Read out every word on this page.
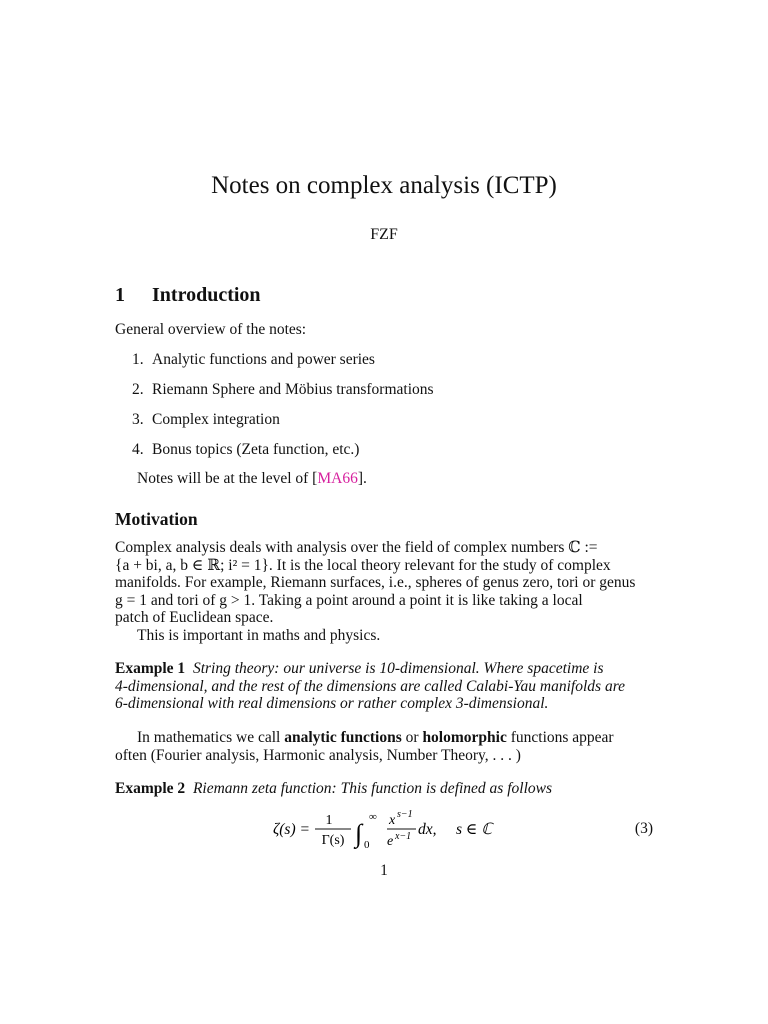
Notes on complex analysis (ICTP)
FZF
1 Introduction
General overview of the notes:
1. Analytic functions and power series
2. Riemann Sphere and Möbius transformations
3. Complex integration
4. Bonus topics (Zeta function, etc.)
Notes will be at the level of [MA66].
Motivation
Complex analysis deals with analysis over the field of complex numbers ℂ :=
{a + bi, a, b ∈ ℝ; i² = 1}. It is the local theory relevant for the study of complex
manifolds. For example, Riemann surfaces, i.e., spheres of genus zero, tori or genus
g = 1 and tori of g > 1. Taking a point around a point it is like taking a local
patch of Euclidean space.
This is important in maths and physics.
Example 1 String theory: our universe is 10-dimensional. Where spacetime is
4-dimensional, and the rest of the dimensions are called Calabi-Yau manifolds are
6-dimensional with real dimensions or rather complex 3-dimensional.
In mathematics we call analytic functions or holomorphic functions appear
often (Fourier analysis, Harmonic analysis, Number Theory, . . . )
Example 2 Riemann zeta function: This function is defined as follows
ζ(s) =
1
Γ(s) ∫
∞
0
x s−1
e x−1 dx, s ∈ ℂ	(3)
1
